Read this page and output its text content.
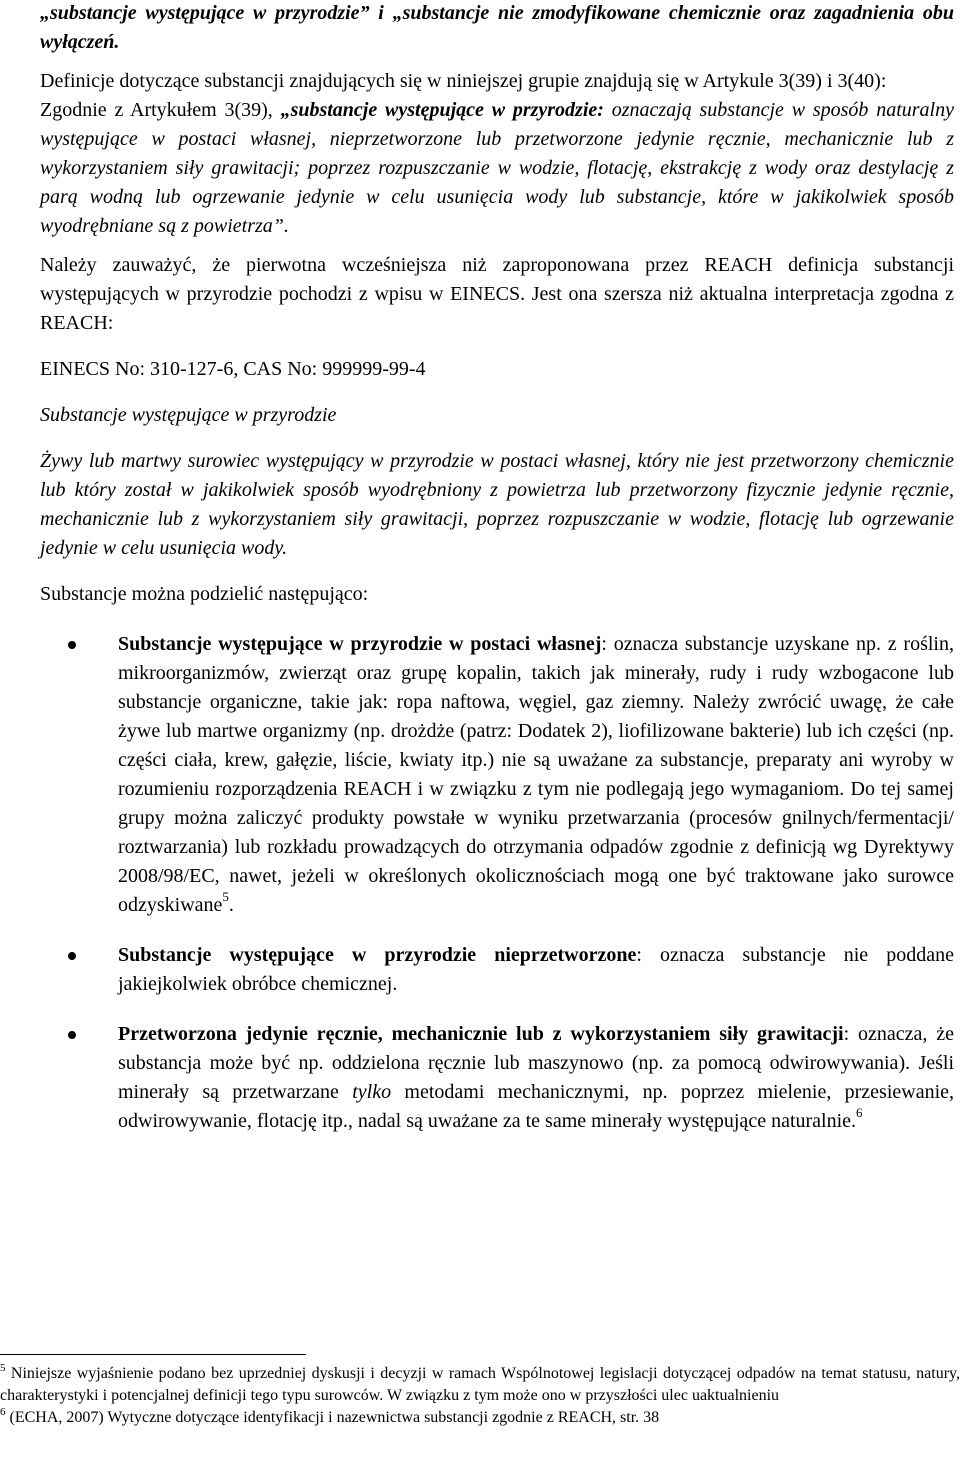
„substancje występujące w przyrodzie” i „substancje nie zmodyfikowane chemicznie oraz zagadnienia obu wyłączeń.

Definicje dotyczące substancji znajdujących się w niniejszej grupie znajdują się w Artykule 3(39) i 3(40):

Zgodnie z Artykułem 3(39), „substancje występujące w przyrodzie: oznaczają substancje w sposób naturalny występujące w postaci własnej, nieprzetworzone lub przetworzone jedynie ręcznie, mechanicznie lub z wykorzystaniem siły grawitacji; poprzez rozpuszczanie w wodzie, flotację, ekstrakcję z wody oraz destylację z parą wodną lub ogrzewanie jedynie w celu usunięcia wody lub substancje, które w jakikolwiek sposób wyodrębniane są z powietrza”.

Należy zauważyć, że pierwotna wcześniejsza niż zaproponowana przez REACH definicja substancji występujących w przyrodzie pochodzi z wpisu w EINECS. Jest ona szersza niż aktualna interpretacja zgodna z REACH:

EINECS No: 310-127-6, CAS No: 999999-99-4

Substancje występujące w przyrodzie

Żywy lub martwy surowiec występujący w przyrodzie w postaci własnej, który nie jest przetworzony chemicznie lub który został w jakikolwiek sposób wyodrębniony z powietrza lub przetworzony fizycznie jedynie ręcznie, mechanicznie lub z wykorzystaniem siły grawitacji, poprzez rozpuszczanie w wodzie, flotację lub ogrzewanie jedynie w celu usunięcia wody.

Substancje można podzielić następująco:

Substancje występujące w przyrodzie w postaci własnej: oznacza substancje uzyskane np. z roślin, mikroorganizmów, zwierząt oraz grupę kopalin, takich jak minerały, rudy i rudy wzbogacone lub substancje organiczne, takie jak: ropa naftowa, węgiel, gaz ziemny. Należy zwrócić uwagę, że całe żywe lub martwe organizmy (np. drożdże (patrz: Dodatek 2), liofilizowane bakterie) lub ich części (np. części ciała, krew, gałęzie, liście, kwiaty itp.) nie są uważane za substancje, preparaty ani wyroby w rozumieniu rozporządzenia REACH i w związku z tym nie podlegają jego wymaganiom. Do tej samej grupy można zaliczyć produkty powstałe w wyniku przetwarzania (procesów gnilnych/fermentacji/ roztwarzania) lub rozkładu prowadzących do otrzymania odpadów zgodnie z definicją wg Dyrektywy 2008/98/EC, nawet, jeżeli w określonych okolicznościach mogą one być traktowane jako surowce odzyskiwane$^5$.
Substancje występujące w przyrodzie nieprzetworzone: oznacza substancje nie poddane jakiejkolwiek obróbce chemicznej.
Przetworzona jedynie ręcznie, mechanicznie lub z wykorzystaniem siły grawitacji: oznacza, że substancja może być np. oddzielona ręcznie lub maszynowo (np. za pomocą odwirowywania). Jeśli minerały są przetwarzane tylko metodami mechanicznymi, np. poprzez mielenie, przesiewanie, odwirowywanie, flotację itp., nadal są uważane za te same minerały występujące naturalnie.$^6$

$^5$ Niniejsze wyjaśnienie podano bez uprzedniej dyskusji i decyzji w ramach Wspólnotowej legislacji dotyczącej odpadów na temat statusu, natury, charakterystyki i potencjalnej definicji tego typu surowców. W związku z tym może ono w przyszłości ulec uaktualnieniu

$^6$ (ECHA, 2007) Wytyczne dotyczące identyfikacji i nazewnictwa substancji zgodnie z REACH, str. 38
